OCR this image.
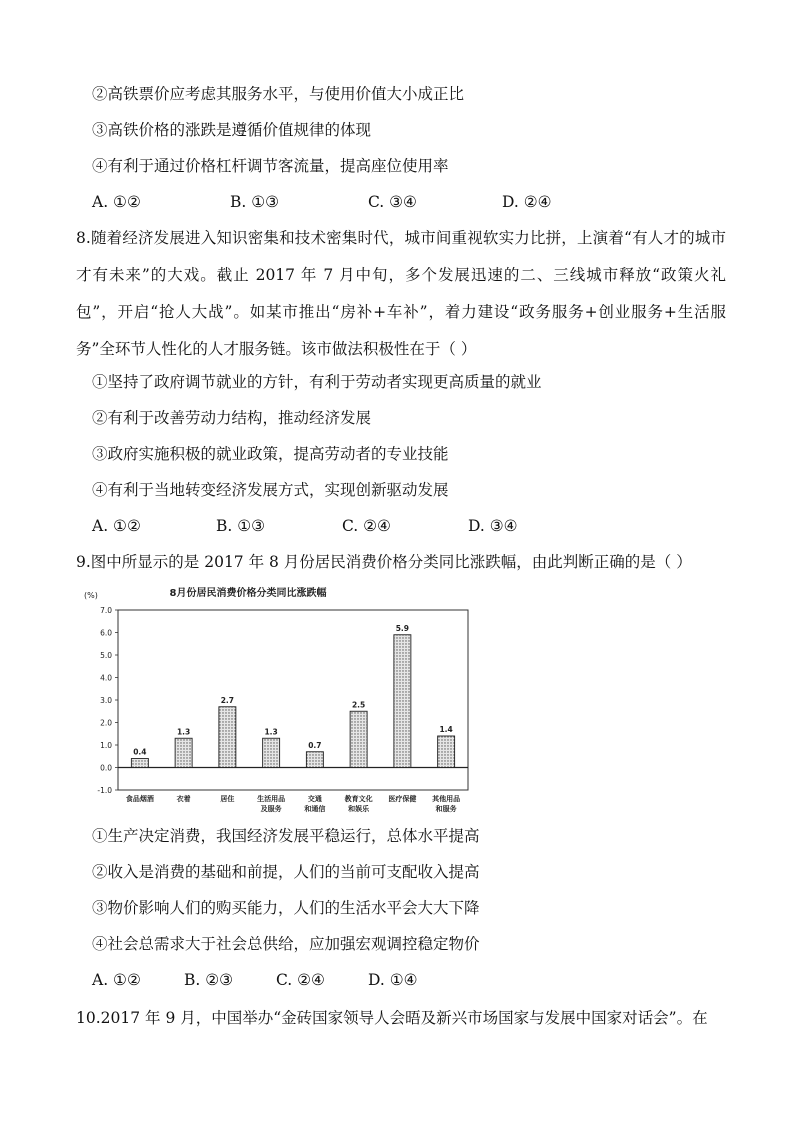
②高铁票价应考虑其服务水平，与使用价值大小成正比
③高铁价格的涨跌是遵循价值规律的体现
④有利于通过价格杠杆调节客流量，提高座位使用率
A. ①②	B. ①③	C. ③④	D. ②④
8.随着经济发展进入知识密集和技术密集时代，城市间重视软实力比拼，上演着“有人才的城市才有未来”的大戏。截止 2017 年 7 月中旬，多个发展迅速的二、三线城市释放“政策火礼包”，开启“抢人大战”。如某市推出“房补+车补”，着力建设“政务服务+创业服务+生活服务”全环节人性化的人才服务链。该市做法积极性在于（ ）
①坚持了政府调节就业的方针，有利于劳动者实现更高质量的就业
②有利于改善劳动力结构，推动经济发展
③政府实施积极的就业政策，提高劳动者的专业技能
④有利于当地转变经济发展方式，实现创新驱动发展
A. ①②	B. ①③	C. ②④	D. ③④
9.图中所显示的是 2017 年 8 月份居民消费价格分类同比涨跌幅，由此判断正确的是（ ）
8月份居民消费价格分类同比涨跌幅
(%)
7.0
6.0
5.0
4.0
3.0
2.0
1.0
0.0
-1.0
0.4
1.3
2.7
1.3
0.7
2.5
5.9
1.4
食品烟酒	衣着	居住	生活用品
及服务
交通
和通信
教育文化
和娱乐
医疗保健 其他用品
和服务
①生产决定消费，我国经济发展平稳运行，总体水平提高
②收入是消费的基础和前提，人们的当前可支配收入提高
③物价影响人们的购买能力，人们的生活水平会大大下降
④社会总需求大于社会总供给，应加强宏观调控稳定物价
A. ①②	B. ②③	C. ②④	D. ①④
10.2017 年 9 月，中国举办“金砖国家领导人会晤及新兴市场国家与发展中国家对话会”。在
